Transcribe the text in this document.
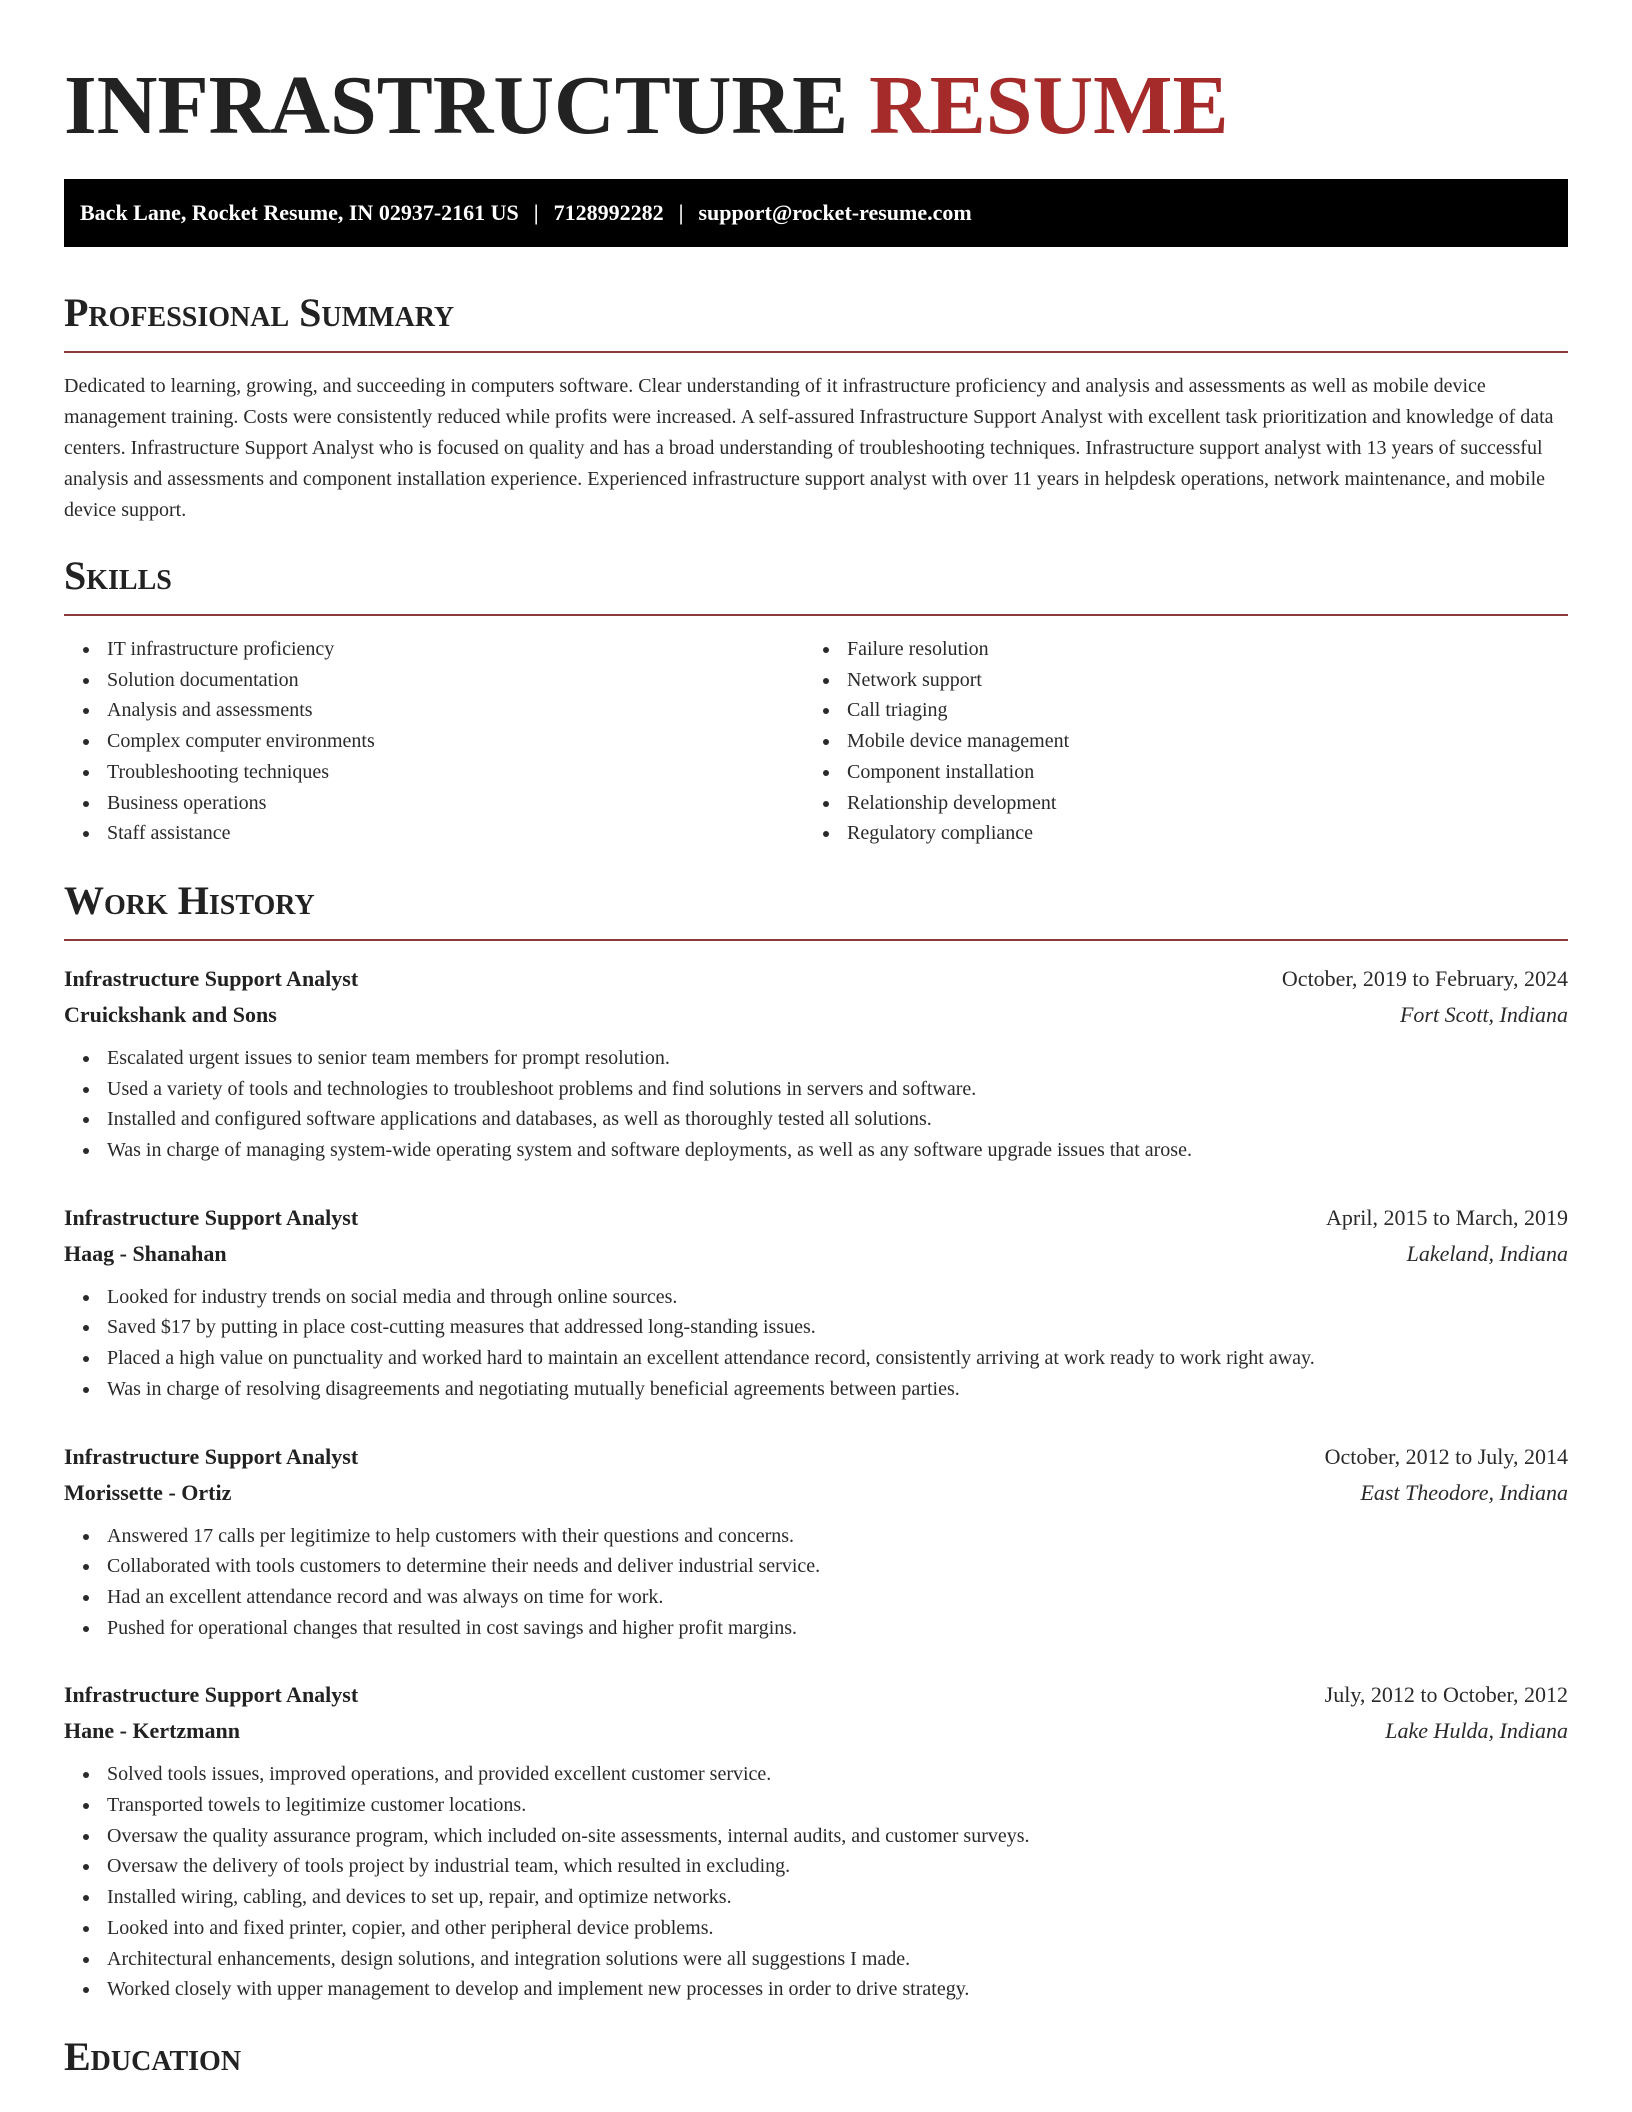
INFRASTRUCTURE RESUME
Back Lane, Rocket Resume, IN 02937-2161 US | 7128992282 | support@rocket-resume.com
Professional Summary

Dedicated to learning, growing, and succeeding in computers software. Clear understanding of it infrastructure proficiency and analysis and assessments as well as mobile device management training. Costs were consistently reduced while profits were increased. A self-assured Infrastructure Support Analyst with excellent task prioritization and knowledge of data centers. Infrastructure Support Analyst who is focused on quality and has a broad understanding of troubleshooting techniques. Infrastructure support analyst with 13 years of successful analysis and assessments and component installation experience. Experienced infrastructure support analyst with over 11 years in helpdesk operations, network maintenance, and mobile device support.

Skills
IT infrastructure proficiency
Solution documentation
Analysis and assessments
Complex computer environments
Troubleshooting techniques
Business operations
Staff assistance
Failure resolution
Network support
Call triaging
Mobile device management
Component installation
Relationship development
Regulatory compliance
Work History
Infrastructure Support Analyst	October, 2019 to February, 2024
Cruickshank and Sons	Fort Scott, Indiana
Escalated urgent issues to senior team members for prompt resolution.
Used a variety of tools and technologies to troubleshoot problems and find solutions in servers and software.
Installed and configured software applications and databases, as well as thoroughly tested all solutions.
Was in charge of managing system-wide operating system and software deployments, as well as any software upgrade issues that arose.
Infrastructure Support Analyst	April, 2015 to March, 2019
Haag - Shanahan	Lakeland, Indiana
Looked for industry trends on social media and through online sources.
Saved $17 by putting in place cost-cutting measures that addressed long-standing issues.
Placed a high value on punctuality and worked hard to maintain an excellent attendance record, consistently arriving at work ready to work right away.
Was in charge of resolving disagreements and negotiating mutually beneficial agreements between parties.
Infrastructure Support Analyst	October, 2012 to July, 2014
Morissette - Ortiz	East Theodore, Indiana
Answered 17 calls per legitimize to help customers with their questions and concerns.
Collaborated with tools customers to determine their needs and deliver industrial service.
Had an excellent attendance record and was always on time for work.
Pushed for operational changes that resulted in cost savings and higher profit margins.
Infrastructure Support Analyst	July, 2012 to October, 2012
Hane - Kertzmann	Lake Hulda, Indiana
Solved tools issues, improved operations, and provided excellent customer service.
Transported towels to legitimize customer locations.
Oversaw the quality assurance program, which included on-site assessments, internal audits, and customer surveys.
Oversaw the delivery of tools project by industrial team, which resulted in excluding.
Installed wiring, cabling, and devices to set up, repair, and optimize networks.
Looked into and fixed printer, copier, and other peripheral device problems.
Architectural enhancements, design solutions, and integration solutions were all suggestions I made.
Worked closely with upper management to develop and implement new processes in order to drive strategy.
Education
